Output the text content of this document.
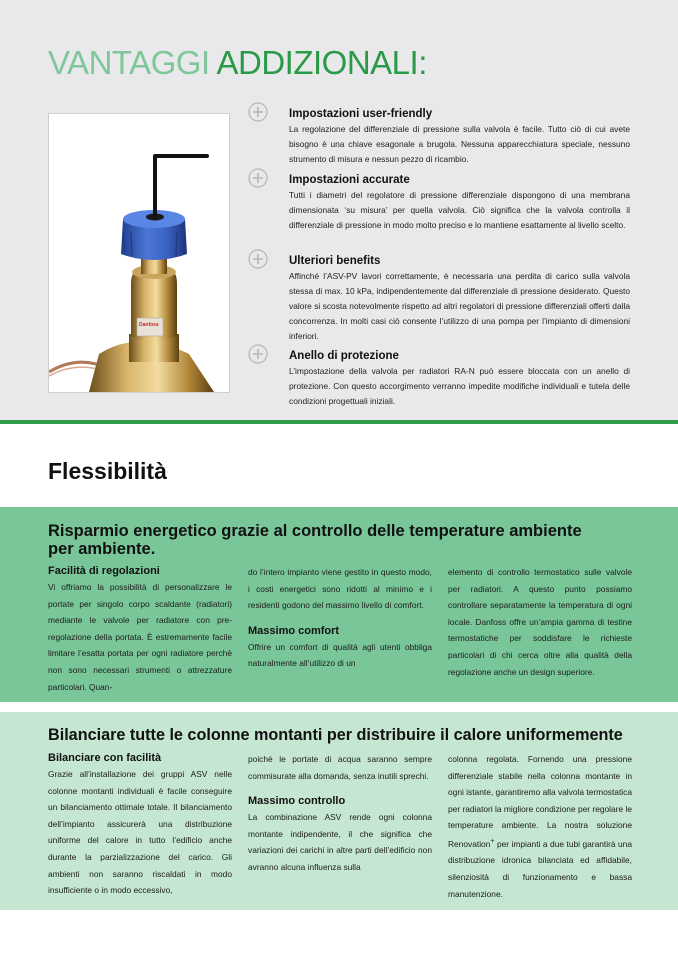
VANTAGGI ADDIZIONALI:
Danfoss
Impostazioni user-friendly

La regolazione del differenziale di pressione sulla valvola è facile. Tutto ciò di cui avete bisogno è una chiave esagonale a brugola. Nessuna apparecchiatura speciale, nessuno strumento di misura e nessun pezzo di ricambio.

Impostazioni accurate

Tutti i diametri del regolatore di pressione differenziale dispongono di una membrana dimensionata ‘su misura’ per quella valvola. Ciò significa che la valvola controlla il differenziale di pressione in modo molto preciso e lo mantiene esattamente al livello scelto.

Ulteriori benefits

Affinché l’ASV-PV lavori correttamente, è necessaria una perdita di carico sulla valvola stessa di max. 10 kPa, indipendentemente dal differenziale di pressione desiderato. Questo valore si scosta notevolmente rispetto ad altri regolatori di pressione differenziali offerti dalla concorrenza. In molti casi ciò consente l’utilizzo di una pompa per l’impianto di dimensioni inferiori.

Anello di protezione

L’impostazione della valvola per radiatori RA-N può essere bloccata con un anello di protezione. Con questo accorgimento verranno impedite modifiche individuali e tutela delle condizioni progettuali iniziali.

Flessibilità
Risparmio energetico grazie al controllo delle temperature ambiente
per ambiente.
Facilità di regolazioni

Vi offriamo la possibilità di personalizzare le portate per singolo corpo scaldante (radiatori) mediante le valvole per radiatore con pre-regolazione della portata. È estremamente facile limitare l’esatta portata per ogni radiatore perchè non sono necessari strumenti o attrezzature particolari. Quan-

do l’intero impianto viene gestito in questo modo, i costi energetici sono ridotti al minimo e i residenti godono del massimo livello di comfort.

Massimo comfort

Offrire un comfort di qualità agli utenti obbliga naturalmente all’utilizzo di un

elemento di controllo termostatico sulle valvole per radiatori. A questo punto possiamo controllare separatamente la temperatura di ogni locale. Danfoss offre un’ampia gamma di testine termostatiche per soddisfare le richieste particolari di chi cerca oltre alla qualità della regolazione anche un design superiore.

Bilanciare tutte le colonne montanti per distribuire il calore uniformemente
Bilanciare con facilità

Grazie all’installazione dei gruppi ASV nelle colonne montanti individuali è facile conseguire un bilanciamento ottimale totale. Il bilanciamento dell’impianto assicurerà una distribuzione uniforme del calore in tutto l’edificio anche durante la parzializzazione del carico. Gli ambienti non saranno riscaldati in modo insufficiente o in modo eccessivo,

poichè le portate di acqua saranno sempre commisurate alla domanda, senza inutili sprechi.

Massimo controllo

La combinazione ASV rende ogni colonna montante indipendente, il che significa che variazioni dei carichi in altre parti dell’edificio non avranno alcuna influenza sulla

colonna regolata. Fornendo una pressione differenziale stabile nella colonna montante in ogni istante, garantiremo alla valvola termostatica per radiatori la migliore condizione per regolare le temperature ambiente. La nostra soluzione Renovation+ per impianti a due tubi garantirà una distribuzione idronica bilanciata ed affidabile, silenziosità di funzionamento e bassa manutenzione.
